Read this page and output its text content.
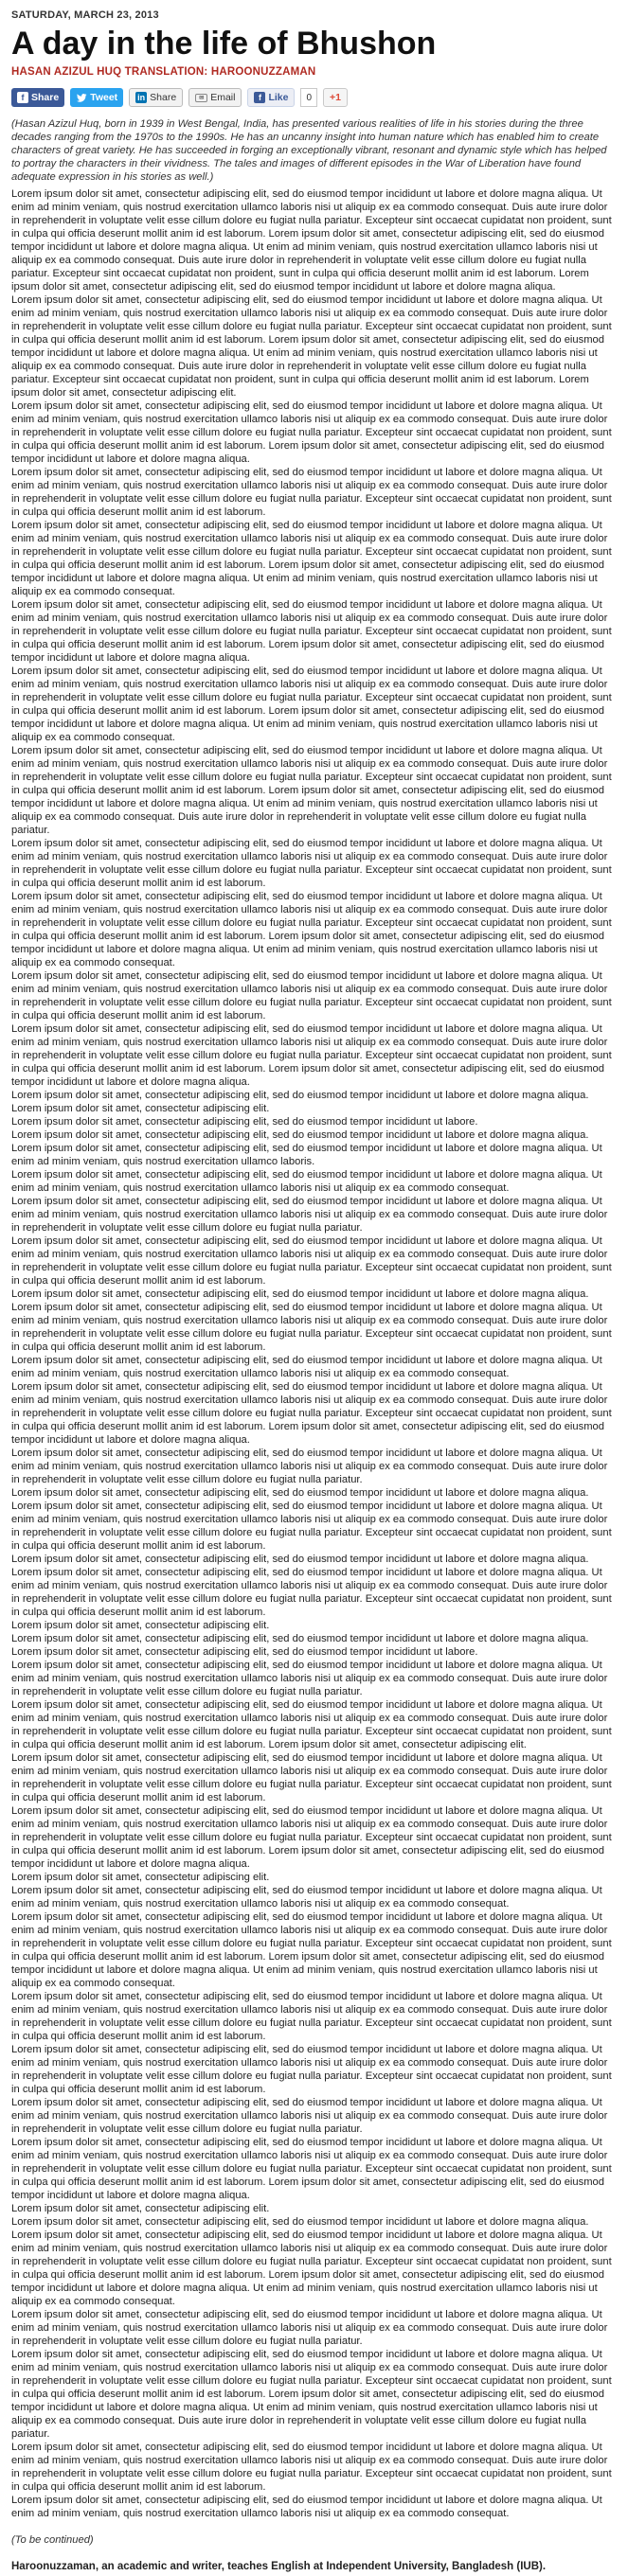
SATURDAY, MARCH 23, 2013
A day in the life of Bhushon
HASAN AZIZUL HUQ TRANSLATION: HAROONUZZAMAN
f Share	Tweet in Share	✉ Email	f Like	0	+1

(Hasan Azizul Huq, born in 1939 in West Bengal, India, has presented various realities of life in his stories during the three decades ranging from the 1970s to the 1990s. He has an uncanny insight into human nature which has enabled him to create characters of great variety. He has succeeded in forging an exceptionally vibrant, resonant and dynamic style which has helped to portray the characters in their vividness. The tales and images of different episodes in the War of Liberation have found adequate expression in his stories as well.)

Lorem ipsum dolor sit amet, consectetur adipiscing elit, sed do eiusmod tempor incididunt ut labore et dolore magna aliqua. Ut enim ad minim veniam, quis nostrud exercitation ullamco laboris nisi ut aliquip ex ea commodo consequat. Duis aute irure dolor in reprehenderit in voluptate velit esse cillum dolore eu fugiat nulla pariatur. Excepteur sint occaecat cupidatat non proident, sunt in culpa qui officia deserunt mollit anim id est laborum. Lorem ipsum dolor sit amet, consectetur adipiscing elit, sed do eiusmod tempor incididunt ut labore et dolore magna aliqua. Ut enim ad minim veniam, quis nostrud exercitation ullamco laboris nisi ut aliquip ex ea commodo consequat. Duis aute irure dolor in reprehenderit in voluptate velit esse cillum dolore eu fugiat nulla pariatur. Excepteur sint occaecat cupidatat non proident, sunt in culpa qui officia deserunt mollit anim id est laborum. Lorem ipsum dolor sit amet, consectetur adipiscing elit, sed do eiusmod tempor incididunt ut labore et dolore magna aliqua.

Lorem ipsum dolor sit amet, consectetur adipiscing elit, sed do eiusmod tempor incididunt ut labore et dolore magna aliqua. Ut enim ad minim veniam, quis nostrud exercitation ullamco laboris nisi ut aliquip ex ea commodo consequat. Duis aute irure dolor in reprehenderit in voluptate velit esse cillum dolore eu fugiat nulla pariatur. Excepteur sint occaecat cupidatat non proident, sunt in culpa qui officia deserunt mollit anim id est laborum. Lorem ipsum dolor sit amet, consectetur adipiscing elit, sed do eiusmod tempor incididunt ut labore et dolore magna aliqua. Ut enim ad minim veniam, quis nostrud exercitation ullamco laboris nisi ut aliquip ex ea commodo consequat. Duis aute irure dolor in reprehenderit in voluptate velit esse cillum dolore eu fugiat nulla pariatur. Excepteur sint occaecat cupidatat non proident, sunt in culpa qui officia deserunt mollit anim id est laborum. Lorem ipsum dolor sit amet, consectetur adipiscing elit.

Lorem ipsum dolor sit amet, consectetur adipiscing elit, sed do eiusmod tempor incididunt ut labore et dolore magna aliqua. Ut enim ad minim veniam, quis nostrud exercitation ullamco laboris nisi ut aliquip ex ea commodo consequat. Duis aute irure dolor in reprehenderit in voluptate velit esse cillum dolore eu fugiat nulla pariatur. Excepteur sint occaecat cupidatat non proident, sunt in culpa qui officia deserunt mollit anim id est laborum. Lorem ipsum dolor sit amet, consectetur adipiscing elit, sed do eiusmod tempor incididunt ut labore et dolore magna aliqua.

Lorem ipsum dolor sit amet, consectetur adipiscing elit, sed do eiusmod tempor incididunt ut labore et dolore magna aliqua. Ut enim ad minim veniam, quis nostrud exercitation ullamco laboris nisi ut aliquip ex ea commodo consequat. Duis aute irure dolor in reprehenderit in voluptate velit esse cillum dolore eu fugiat nulla pariatur. Excepteur sint occaecat cupidatat non proident, sunt in culpa qui officia deserunt mollit anim id est laborum.

Lorem ipsum dolor sit amet, consectetur adipiscing elit, sed do eiusmod tempor incididunt ut labore et dolore magna aliqua. Ut enim ad minim veniam, quis nostrud exercitation ullamco laboris nisi ut aliquip ex ea commodo consequat. Duis aute irure dolor in reprehenderit in voluptate velit esse cillum dolore eu fugiat nulla pariatur. Excepteur sint occaecat cupidatat non proident, sunt in culpa qui officia deserunt mollit anim id est laborum. Lorem ipsum dolor sit amet, consectetur adipiscing elit, sed do eiusmod tempor incididunt ut labore et dolore magna aliqua. Ut enim ad minim veniam, quis nostrud exercitation ullamco laboris nisi ut aliquip ex ea commodo consequat.

Lorem ipsum dolor sit amet, consectetur adipiscing elit, sed do eiusmod tempor incididunt ut labore et dolore magna aliqua. Ut enim ad minim veniam, quis nostrud exercitation ullamco laboris nisi ut aliquip ex ea commodo consequat. Duis aute irure dolor in reprehenderit in voluptate velit esse cillum dolore eu fugiat nulla pariatur. Excepteur sint occaecat cupidatat non proident, sunt in culpa qui officia deserunt mollit anim id est laborum. Lorem ipsum dolor sit amet, consectetur adipiscing elit, sed do eiusmod tempor incididunt ut labore et dolore magna aliqua.

Lorem ipsum dolor sit amet, consectetur adipiscing elit, sed do eiusmod tempor incididunt ut labore et dolore magna aliqua. Ut enim ad minim veniam, quis nostrud exercitation ullamco laboris nisi ut aliquip ex ea commodo consequat. Duis aute irure dolor in reprehenderit in voluptate velit esse cillum dolore eu fugiat nulla pariatur. Excepteur sint occaecat cupidatat non proident, sunt in culpa qui officia deserunt mollit anim id est laborum. Lorem ipsum dolor sit amet, consectetur adipiscing elit, sed do eiusmod tempor incididunt ut labore et dolore magna aliqua. Ut enim ad minim veniam, quis nostrud exercitation ullamco laboris nisi ut aliquip ex ea commodo consequat.

Lorem ipsum dolor sit amet, consectetur adipiscing elit, sed do eiusmod tempor incididunt ut labore et dolore magna aliqua. Ut enim ad minim veniam, quis nostrud exercitation ullamco laboris nisi ut aliquip ex ea commodo consequat. Duis aute irure dolor in reprehenderit in voluptate velit esse cillum dolore eu fugiat nulla pariatur. Excepteur sint occaecat cupidatat non proident, sunt in culpa qui officia deserunt mollit anim id est laborum. Lorem ipsum dolor sit amet, consectetur adipiscing elit, sed do eiusmod tempor incididunt ut labore et dolore magna aliqua. Ut enim ad minim veniam, quis nostrud exercitation ullamco laboris nisi ut aliquip ex ea commodo consequat. Duis aute irure dolor in reprehenderit in voluptate velit esse cillum dolore eu fugiat nulla pariatur.

Lorem ipsum dolor sit amet, consectetur adipiscing elit, sed do eiusmod tempor incididunt ut labore et dolore magna aliqua. Ut enim ad minim veniam, quis nostrud exercitation ullamco laboris nisi ut aliquip ex ea commodo consequat. Duis aute irure dolor in reprehenderit in voluptate velit esse cillum dolore eu fugiat nulla pariatur. Excepteur sint occaecat cupidatat non proident, sunt in culpa qui officia deserunt mollit anim id est laborum.

Lorem ipsum dolor sit amet, consectetur adipiscing elit, sed do eiusmod tempor incididunt ut labore et dolore magna aliqua. Ut enim ad minim veniam, quis nostrud exercitation ullamco laboris nisi ut aliquip ex ea commodo consequat. Duis aute irure dolor in reprehenderit in voluptate velit esse cillum dolore eu fugiat nulla pariatur. Excepteur sint occaecat cupidatat non proident, sunt in culpa qui officia deserunt mollit anim id est laborum. Lorem ipsum dolor sit amet, consectetur adipiscing elit, sed do eiusmod tempor incididunt ut labore et dolore magna aliqua. Ut enim ad minim veniam, quis nostrud exercitation ullamco laboris nisi ut aliquip ex ea commodo consequat.

Lorem ipsum dolor sit amet, consectetur adipiscing elit, sed do eiusmod tempor incididunt ut labore et dolore magna aliqua. Ut enim ad minim veniam, quis nostrud exercitation ullamco laboris nisi ut aliquip ex ea commodo consequat. Duis aute irure dolor in reprehenderit in voluptate velit esse cillum dolore eu fugiat nulla pariatur. Excepteur sint occaecat cupidatat non proident, sunt in culpa qui officia deserunt mollit anim id est laborum.

Lorem ipsum dolor sit amet, consectetur adipiscing elit, sed do eiusmod tempor incididunt ut labore et dolore magna aliqua. Ut enim ad minim veniam, quis nostrud exercitation ullamco laboris nisi ut aliquip ex ea commodo consequat. Duis aute irure dolor in reprehenderit in voluptate velit esse cillum dolore eu fugiat nulla pariatur. Excepteur sint occaecat cupidatat non proident, sunt in culpa qui officia deserunt mollit anim id est laborum. Lorem ipsum dolor sit amet, consectetur adipiscing elit, sed do eiusmod tempor incididunt ut labore et dolore magna aliqua.

Lorem ipsum dolor sit amet, consectetur adipiscing elit, sed do eiusmod tempor incididunt ut labore et dolore magna aliqua.

Lorem ipsum dolor sit amet, consectetur adipiscing elit.

Lorem ipsum dolor sit amet, consectetur adipiscing elit, sed do eiusmod tempor incididunt ut labore.

Lorem ipsum dolor sit amet, consectetur adipiscing elit, sed do eiusmod tempor incididunt ut labore et dolore magna aliqua.

Lorem ipsum dolor sit amet, consectetur adipiscing elit, sed do eiusmod tempor incididunt ut labore et dolore magna aliqua. Ut enim ad minim veniam, quis nostrud exercitation ullamco laboris.

Lorem ipsum dolor sit amet, consectetur adipiscing elit, sed do eiusmod tempor incididunt ut labore et dolore magna aliqua. Ut enim ad minim veniam, quis nostrud exercitation ullamco laboris nisi ut aliquip ex ea commodo consequat.

Lorem ipsum dolor sit amet, consectetur adipiscing elit, sed do eiusmod tempor incididunt ut labore et dolore magna aliqua. Ut enim ad minim veniam, quis nostrud exercitation ullamco laboris nisi ut aliquip ex ea commodo consequat. Duis aute irure dolor in reprehenderit in voluptate velit esse cillum dolore eu fugiat nulla pariatur.

Lorem ipsum dolor sit amet, consectetur adipiscing elit, sed do eiusmod tempor incididunt ut labore et dolore magna aliqua. Ut enim ad minim veniam, quis nostrud exercitation ullamco laboris nisi ut aliquip ex ea commodo consequat. Duis aute irure dolor in reprehenderit in voluptate velit esse cillum dolore eu fugiat nulla pariatur. Excepteur sint occaecat cupidatat non proident, sunt in culpa qui officia deserunt mollit anim id est laborum.

Lorem ipsum dolor sit amet, consectetur adipiscing elit, sed do eiusmod tempor incididunt ut labore et dolore magna aliqua.

Lorem ipsum dolor sit amet, consectetur adipiscing elit, sed do eiusmod tempor incididunt ut labore et dolore magna aliqua. Ut enim ad minim veniam, quis nostrud exercitation ullamco laboris nisi ut aliquip ex ea commodo consequat. Duis aute irure dolor in reprehenderit in voluptate velit esse cillum dolore eu fugiat nulla pariatur. Excepteur sint occaecat cupidatat non proident, sunt in culpa qui officia deserunt mollit anim id est laborum.

Lorem ipsum dolor sit amet, consectetur adipiscing elit, sed do eiusmod tempor incididunt ut labore et dolore magna aliqua. Ut enim ad minim veniam, quis nostrud exercitation ullamco laboris nisi ut aliquip ex ea commodo consequat.

Lorem ipsum dolor sit amet, consectetur adipiscing elit, sed do eiusmod tempor incididunt ut labore et dolore magna aliqua. Ut enim ad minim veniam, quis nostrud exercitation ullamco laboris nisi ut aliquip ex ea commodo consequat. Duis aute irure dolor in reprehenderit in voluptate velit esse cillum dolore eu fugiat nulla pariatur. Excepteur sint occaecat cupidatat non proident, sunt in culpa qui officia deserunt mollit anim id est laborum. Lorem ipsum dolor sit amet, consectetur adipiscing elit, sed do eiusmod tempor incididunt ut labore et dolore magna aliqua.

Lorem ipsum dolor sit amet, consectetur adipiscing elit, sed do eiusmod tempor incididunt ut labore et dolore magna aliqua. Ut enim ad minim veniam, quis nostrud exercitation ullamco laboris nisi ut aliquip ex ea commodo consequat. Duis aute irure dolor in reprehenderit in voluptate velit esse cillum dolore eu fugiat nulla pariatur.

Lorem ipsum dolor sit amet, consectetur adipiscing elit, sed do eiusmod tempor incididunt ut labore et dolore magna aliqua.

Lorem ipsum dolor sit amet, consectetur adipiscing elit, sed do eiusmod tempor incididunt ut labore et dolore magna aliqua. Ut enim ad minim veniam, quis nostrud exercitation ullamco laboris nisi ut aliquip ex ea commodo consequat. Duis aute irure dolor in reprehenderit in voluptate velit esse cillum dolore eu fugiat nulla pariatur. Excepteur sint occaecat cupidatat non proident, sunt in culpa qui officia deserunt mollit anim id est laborum.

Lorem ipsum dolor sit amet, consectetur adipiscing elit, sed do eiusmod tempor incididunt ut labore et dolore magna aliqua.

Lorem ipsum dolor sit amet, consectetur adipiscing elit, sed do eiusmod tempor incididunt ut labore et dolore magna aliqua. Ut enim ad minim veniam, quis nostrud exercitation ullamco laboris nisi ut aliquip ex ea commodo consequat. Duis aute irure dolor in reprehenderit in voluptate velit esse cillum dolore eu fugiat nulla pariatur. Excepteur sint occaecat cupidatat non proident, sunt in culpa qui officia deserunt mollit anim id est laborum.

Lorem ipsum dolor sit amet, consectetur adipiscing elit.

Lorem ipsum dolor sit amet, consectetur adipiscing elit, sed do eiusmod tempor incididunt ut labore et dolore magna aliqua.

Lorem ipsum dolor sit amet, consectetur adipiscing elit, sed do eiusmod tempor incididunt ut labore.

Lorem ipsum dolor sit amet, consectetur adipiscing elit, sed do eiusmod tempor incididunt ut labore et dolore magna aliqua. Ut enim ad minim veniam, quis nostrud exercitation ullamco laboris nisi ut aliquip ex ea commodo consequat. Duis aute irure dolor in reprehenderit in voluptate velit esse cillum dolore eu fugiat nulla pariatur.

Lorem ipsum dolor sit amet, consectetur adipiscing elit, sed do eiusmod tempor incididunt ut labore et dolore magna aliqua. Ut enim ad minim veniam, quis nostrud exercitation ullamco laboris nisi ut aliquip ex ea commodo consequat. Duis aute irure dolor in reprehenderit in voluptate velit esse cillum dolore eu fugiat nulla pariatur. Excepteur sint occaecat cupidatat non proident, sunt in culpa qui officia deserunt mollit anim id est laborum. Lorem ipsum dolor sit amet, consectetur adipiscing elit.

Lorem ipsum dolor sit amet, consectetur adipiscing elit, sed do eiusmod tempor incididunt ut labore et dolore magna aliqua. Ut enim ad minim veniam, quis nostrud exercitation ullamco laboris nisi ut aliquip ex ea commodo consequat. Duis aute irure dolor in reprehenderit in voluptate velit esse cillum dolore eu fugiat nulla pariatur. Excepteur sint occaecat cupidatat non proident, sunt in culpa qui officia deserunt mollit anim id est laborum.

Lorem ipsum dolor sit amet, consectetur adipiscing elit, sed do eiusmod tempor incididunt ut labore et dolore magna aliqua. Ut enim ad minim veniam, quis nostrud exercitation ullamco laboris nisi ut aliquip ex ea commodo consequat. Duis aute irure dolor in reprehenderit in voluptate velit esse cillum dolore eu fugiat nulla pariatur. Excepteur sint occaecat cupidatat non proident, sunt in culpa qui officia deserunt mollit anim id est laborum. Lorem ipsum dolor sit amet, consectetur adipiscing elit, sed do eiusmod tempor incididunt ut labore et dolore magna aliqua.

Lorem ipsum dolor sit amet, consectetur adipiscing elit.

Lorem ipsum dolor sit amet, consectetur adipiscing elit, sed do eiusmod tempor incididunt ut labore et dolore magna aliqua. Ut enim ad minim veniam, quis nostrud exercitation ullamco laboris nisi ut aliquip ex ea commodo consequat.

Lorem ipsum dolor sit amet, consectetur adipiscing elit, sed do eiusmod tempor incididunt ut labore et dolore magna aliqua. Ut enim ad minim veniam, quis nostrud exercitation ullamco laboris nisi ut aliquip ex ea commodo consequat. Duis aute irure dolor in reprehenderit in voluptate velit esse cillum dolore eu fugiat nulla pariatur. Excepteur sint occaecat cupidatat non proident, sunt in culpa qui officia deserunt mollit anim id est laborum. Lorem ipsum dolor sit amet, consectetur adipiscing elit, sed do eiusmod tempor incididunt ut labore et dolore magna aliqua. Ut enim ad minim veniam, quis nostrud exercitation ullamco laboris nisi ut aliquip ex ea commodo consequat.

Lorem ipsum dolor sit amet, consectetur adipiscing elit, sed do eiusmod tempor incididunt ut labore et dolore magna aliqua. Ut enim ad minim veniam, quis nostrud exercitation ullamco laboris nisi ut aliquip ex ea commodo consequat. Duis aute irure dolor in reprehenderit in voluptate velit esse cillum dolore eu fugiat nulla pariatur. Excepteur sint occaecat cupidatat non proident, sunt in culpa qui officia deserunt mollit anim id est laborum.

Lorem ipsum dolor sit amet, consectetur adipiscing elit, sed do eiusmod tempor incididunt ut labore et dolore magna aliqua. Ut enim ad minim veniam, quis nostrud exercitation ullamco laboris nisi ut aliquip ex ea commodo consequat. Duis aute irure dolor in reprehenderit in voluptate velit esse cillum dolore eu fugiat nulla pariatur. Excepteur sint occaecat cupidatat non proident, sunt in culpa qui officia deserunt mollit anim id est laborum.

Lorem ipsum dolor sit amet, consectetur adipiscing elit, sed do eiusmod tempor incididunt ut labore et dolore magna aliqua. Ut enim ad minim veniam, quis nostrud exercitation ullamco laboris nisi ut aliquip ex ea commodo consequat. Duis aute irure dolor in reprehenderit in voluptate velit esse cillum dolore eu fugiat nulla pariatur.

Lorem ipsum dolor sit amet, consectetur adipiscing elit, sed do eiusmod tempor incididunt ut labore et dolore magna aliqua. Ut enim ad minim veniam, quis nostrud exercitation ullamco laboris nisi ut aliquip ex ea commodo consequat. Duis aute irure dolor in reprehenderit in voluptate velit esse cillum dolore eu fugiat nulla pariatur. Excepteur sint occaecat cupidatat non proident, sunt in culpa qui officia deserunt mollit anim id est laborum. Lorem ipsum dolor sit amet, consectetur adipiscing elit, sed do eiusmod tempor incididunt ut labore et dolore magna aliqua.

Lorem ipsum dolor sit amet, consectetur adipiscing elit.

Lorem ipsum dolor sit amet, consectetur adipiscing elit, sed do eiusmod tempor incididunt ut labore et dolore magna aliqua.

Lorem ipsum dolor sit amet, consectetur adipiscing elit, sed do eiusmod tempor incididunt ut labore et dolore magna aliqua. Ut enim ad minim veniam, quis nostrud exercitation ullamco laboris nisi ut aliquip ex ea commodo consequat. Duis aute irure dolor in reprehenderit in voluptate velit esse cillum dolore eu fugiat nulla pariatur. Excepteur sint occaecat cupidatat non proident, sunt in culpa qui officia deserunt mollit anim id est laborum. Lorem ipsum dolor sit amet, consectetur adipiscing elit, sed do eiusmod tempor incididunt ut labore et dolore magna aliqua. Ut enim ad minim veniam, quis nostrud exercitation ullamco laboris nisi ut aliquip ex ea commodo consequat.

Lorem ipsum dolor sit amet, consectetur adipiscing elit, sed do eiusmod tempor incididunt ut labore et dolore magna aliqua. Ut enim ad minim veniam, quis nostrud exercitation ullamco laboris nisi ut aliquip ex ea commodo consequat. Duis aute irure dolor in reprehenderit in voluptate velit esse cillum dolore eu fugiat nulla pariatur.

Lorem ipsum dolor sit amet, consectetur adipiscing elit, sed do eiusmod tempor incididunt ut labore et dolore magna aliqua. Ut enim ad minim veniam, quis nostrud exercitation ullamco laboris nisi ut aliquip ex ea commodo consequat. Duis aute irure dolor in reprehenderit in voluptate velit esse cillum dolore eu fugiat nulla pariatur. Excepteur sint occaecat cupidatat non proident, sunt in culpa qui officia deserunt mollit anim id est laborum. Lorem ipsum dolor sit amet, consectetur adipiscing elit, sed do eiusmod tempor incididunt ut labore et dolore magna aliqua. Ut enim ad minim veniam, quis nostrud exercitation ullamco laboris nisi ut aliquip ex ea commodo consequat. Duis aute irure dolor in reprehenderit in voluptate velit esse cillum dolore eu fugiat nulla pariatur.

Lorem ipsum dolor sit amet, consectetur adipiscing elit, sed do eiusmod tempor incididunt ut labore et dolore magna aliqua. Ut enim ad minim veniam, quis nostrud exercitation ullamco laboris nisi ut aliquip ex ea commodo consequat. Duis aute irure dolor in reprehenderit in voluptate velit esse cillum dolore eu fugiat nulla pariatur. Excepteur sint occaecat cupidatat non proident, sunt in culpa qui officia deserunt mollit anim id est laborum.

Lorem ipsum dolor sit amet, consectetur adipiscing elit, sed do eiusmod tempor incididunt ut labore et dolore magna aliqua. Ut enim ad minim veniam, quis nostrud exercitation ullamco laboris nisi ut aliquip ex ea commodo consequat.

(To be continued)

Haroonuzzaman, an academic and writer, teaches English at Independent University, Bangladesh (IUB).
